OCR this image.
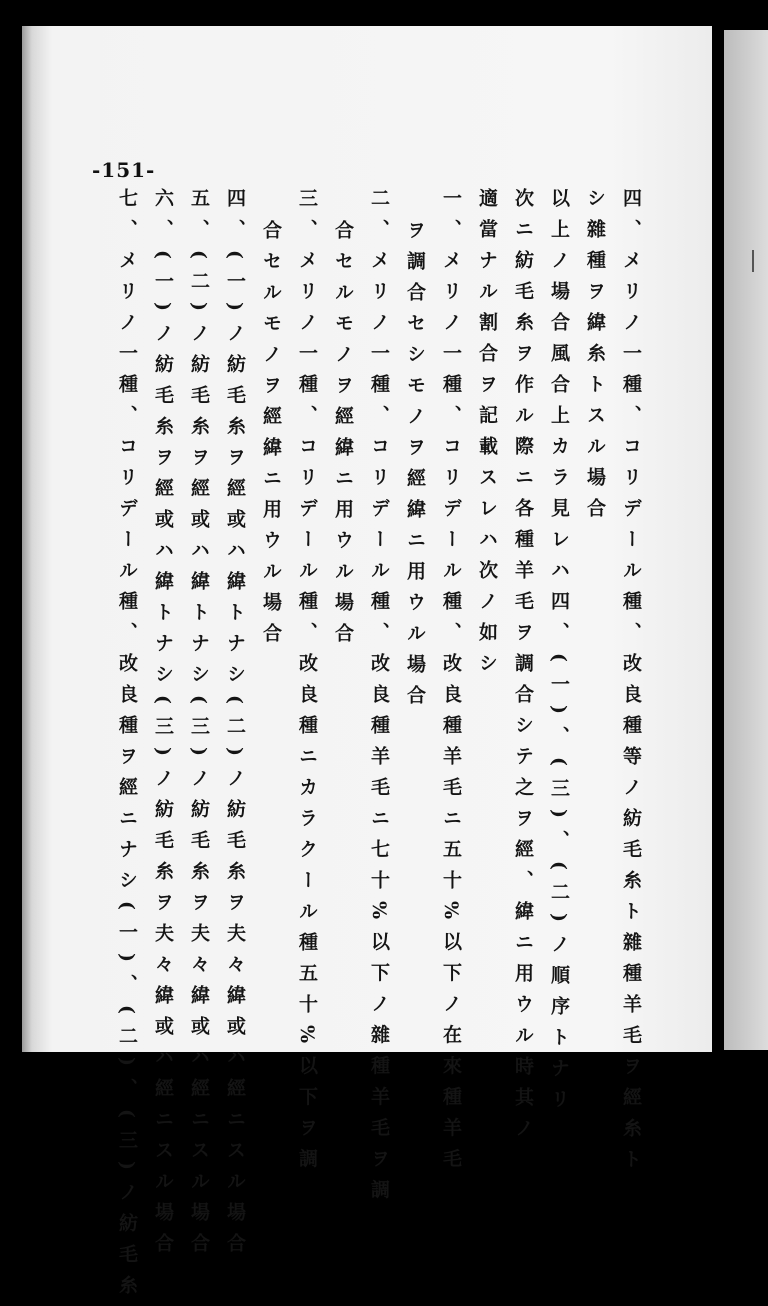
-151-
四、メリノ一種、コリデール種、改良種等ノ紡毛糸ト雜種羊毛ヲ經糸ト
シ雜種ヲ緯糸トスル場合
以上ノ場合風合上カラ見レハ四、(一)、(三)、(二)ノ順序トナリ
次ニ紡毛糸ヲ作ル際ニ各種羊毛ヲ調合シテ之ヲ經、緯ニ用ウル時其ノ
適當ナル割合ヲ記載スレハ次ノ如シ
一、メリノ一種、コリデール種、改良種羊毛ニ五十%以下ノ在來種羊毛
ヲ調合セシモノヲ經緯ニ用ウル場合
二、メリノ一種、コリデール種、改良種羊毛ニ七十%以下ノ雜種羊毛ヲ調
合セルモノヲ經緯ニ用ウル場合
三、メリノ一種、コリデール種、改良種ニカラクール種五十%以下ヲ調
合セルモノヲ經緯ニ用ウル場合
四、(一)ノ紡毛糸ヲ經或ハ緯トナシ(二)ノ紡毛糸ヲ夫々緯或ハ經ニスル場合
五、(二)ノ紡毛糸ヲ經或ハ緯トナシ(三)ノ紡毛糸ヲ夫々緯或ハ經ニスル場合
六、(一)ノ紡毛糸ヲ經或ハ緯トナシ(三)ノ紡毛糸ヲ夫々緯或ハ經ニスル場合
七、メリノ一種、コリデール種、改良種ヲ經ニナシ(一)、(二)、(三)ノ紡毛糸
